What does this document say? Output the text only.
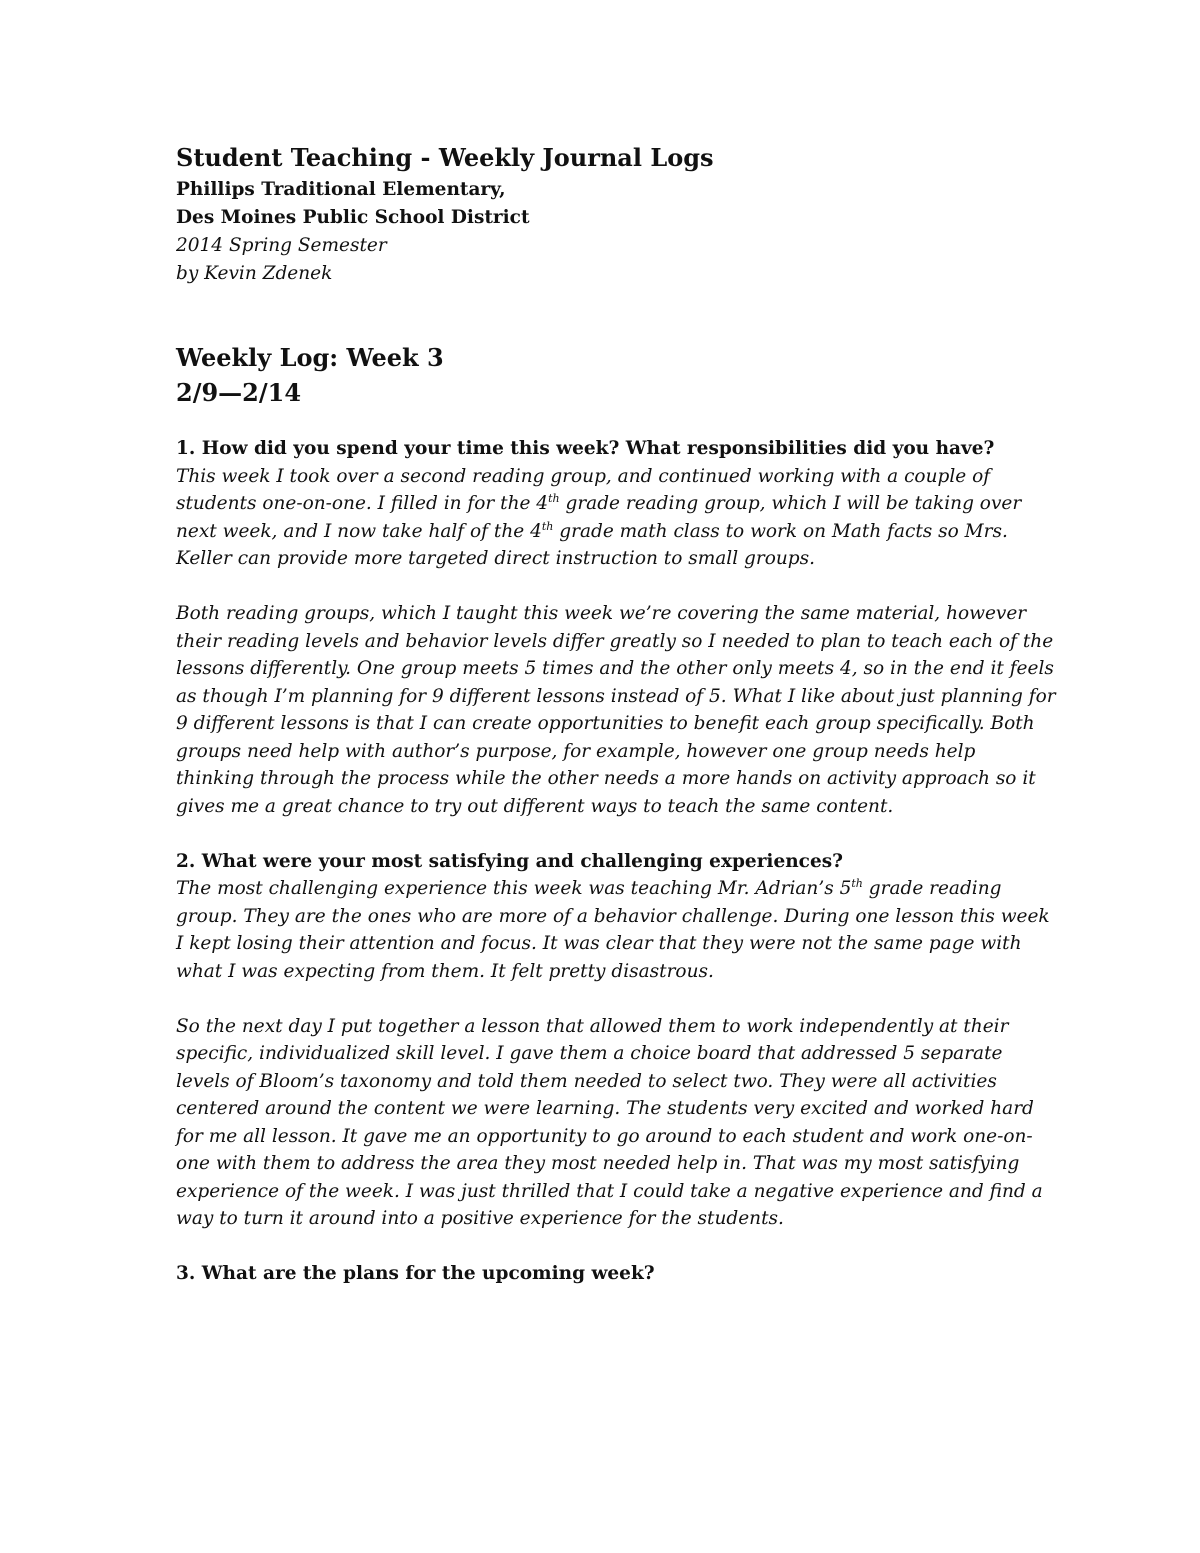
Student Teaching - Weekly Journal Logs
Phillips Traditional Elementary,
Des Moines Public School District
2014 Spring Semester
by Kevin Zdenek
Weekly Log: Week 3
2/9—2/14
1. How did you spend your time this week? What responsibilities did you have?

This week I took over a second reading group, and continued working with a couple of students one-on-one. I filled in for the 4th grade reading group, which I will be taking over next week, and I now take half of the 4th grade math class to work on Math facts so Mrs. Keller can provide more targeted direct instruction to small groups.

Both reading groups, which I taught this week we’re covering the same material, however their reading levels and behavior levels differ greatly so I needed to plan to teach each of the lessons differently. One group meets 5 times and the other only meets 4, so in the end it feels as though I’m planning for 9 different lessons instead of 5. What I like about just planning for 9 different lessons is that I can create opportunities to benefit each group specifically. Both groups need help with author’s purpose, for example, however one group needs help thinking through the process while the other needs a more hands on activity approach so it gives me a great chance to try out different ways to teach the same content.

2. What were your most satisfying and challenging experiences?

The most challenging experience this week was teaching Mr. Adrian’s 5th grade reading group. They are the ones who are more of a behavior challenge. During one lesson this week I kept losing their attention and focus. It was clear that they were not the same page with what I was expecting from them. It felt pretty disastrous.

So the next day I put together a lesson that allowed them to work independently at their specific, individualized skill level. I gave them a choice board that addressed 5 separate levels of Bloom’s taxonomy and told them needed to select two. They were all activities centered around the content we were learning. The students very excited and worked hard for me all lesson. It gave me an opportunity to go around to each student and work one-on-one with them to address the area they most needed help in. That was my most satisfying experience of the week. I was just thrilled that I could take a negative experience and find a way to turn it around into a positive experience for the students.

3. What are the plans for the upcoming week?
